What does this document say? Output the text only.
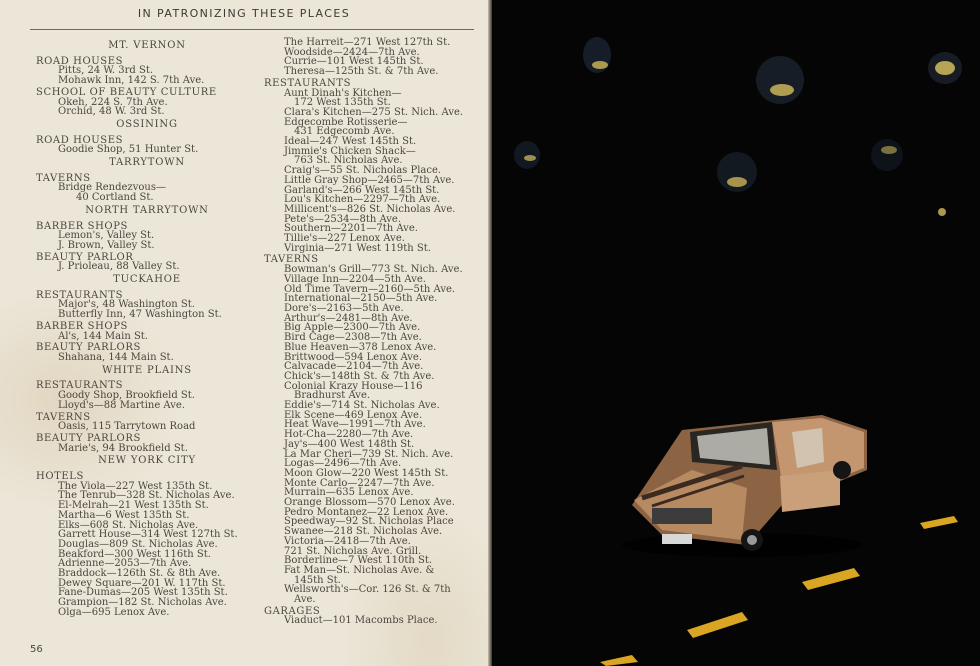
IN PATRONIZING THESE PLACES
MT. VERNON
ROAD HOUSES
Pitts, 24 W. 3rd St.
Mohawk Inn, 142 S. 7th Ave.
SCHOOL OF BEAUTY CULTURE
Okeh, 224 S. 7th Ave.
Orchid, 48 W. 3rd St.
OSSINING
ROAD HOUSES
Goodie Shop, 51 Hunter St.
TARRYTOWN
TAVERNS
Bridge Rendezvous—
40 Cortland St.
NORTH TARRYTOWN
BARBER SHOPS
Lemon's, Valley St.
J. Brown, Valley St.
BEAUTY PARLOR
J. Prioleau, 88 Valley St.
TUCKAHOE
RESTAURANTS
Major's, 48 Washington St.
Butterfly Inn, 47 Washington St.
BARBER SHOPS
Al's, 144 Main St.
BEAUTY PARLORS
Shahana, 144 Main St.
WHITE PLAINS
RESTAURANTS
Goody Shop, Brookfield St.
Lloyd's—88 Martine Ave.
TAVERNS
Oasis, 115 Tarrytown Road
BEAUTY PARLORS
Marie's, 94 Brookfield St.
NEW YORK CITY
HOTELS
The Viola—227 West 135th St.
The Tenrub—328 St. Nicholas Ave.
El-Melrah—21 West 135th St.
Martha—6 West 135th St.
Elks—608 St. Nicholas Ave.
Garrett House—314 West 127th St.
Douglas—809 St. Nicholas Ave.
Beakford—300 West 116th St.
Adrienne—2053—7th Ave.
Braddock—126th St. & 8th Ave.
Dewey Square—201 W. 117th St.
Fane-Dumas—205 West 135th St.
Grampion—182 St. Nicholas Ave.
Olga—695 Lenox Ave.
The Harreit—271 West 127th St.
Woodside—2424—7th Ave.
Currie—101 West 145th St.
Theresa—125th St. & 7th Ave.
RESTAURANTS
Aunt Dinah's Kitchen—
172 West 135th St.
Clara's Kitchen—275 St. Nich. Ave.
Edgecombe Rotisserie—
431 Edgecomb Ave.
Ideal—247 West 145th St.
Jimmie's Chicken Shack—
763 St. Nicholas Ave.
Craig's—55 St. Nicholas Place.
Little Gray Shop—2465—7th Ave.
Garland's—266 West 145th St.
Lou's Kitchen—2297—7th Ave.
Millicent's—826 St. Nicholas Ave.
Pete's—2534—8th Ave.
Southern—2201—7th Ave.
Tillie's—227 Lenox Ave.
Virginia—271 West 119th St.
TAVERNS
Bowman's Grill—773 St. Nich. Ave.
Village Inn—2204—5th Ave.
Old Time Tavern—2160—5th Ave.
International—2150—5th Ave.
Dore's—2163—5th Ave.
Arthur's—2481—8th Ave.
Big Apple—2300—7th Ave.
Bird Cage—2308—7th Ave.
Blue Heaven—378 Lenox Ave.
Brittwood—594 Lenox Ave.
Calvacade—2104—7th Ave.
Chick's—148th St. & 7th Ave.
Colonial Krazy House—116
Bradhurst Ave.
Eddie's—714 St. Nicholas Ave.
Elk Scene—469 Lenox Ave.
Heat Wave—1991—7th Ave.
Hot-Cha—2280—7th Ave.
Jay's—400 West 148th St.
La Mar Cheri—739 St. Nich. Ave.
Logas—2496—7th Ave.
Moon Glow—220 West 145th St.
Monte Carlo—2247—7th Ave.
Murrain—635 Lenox Ave.
Orange Blossom—570 Lenox Ave.
Pedro Montanez—22 Lenox Ave.
Speedway—92 St. Nicholas Place
Swanee—218 St. Nicholas Ave.
Victoria—2418—7th Ave.
721 St. Nicholas Ave. Grill.
Borderline—7 West 110th St.
Fat Man—St. Nicholas Ave. &
145th St.
Wellsworth's—Cor. 126 St. & 7th
Ave.
GARAGES
Viaduct—101 Macombs Place.
56
